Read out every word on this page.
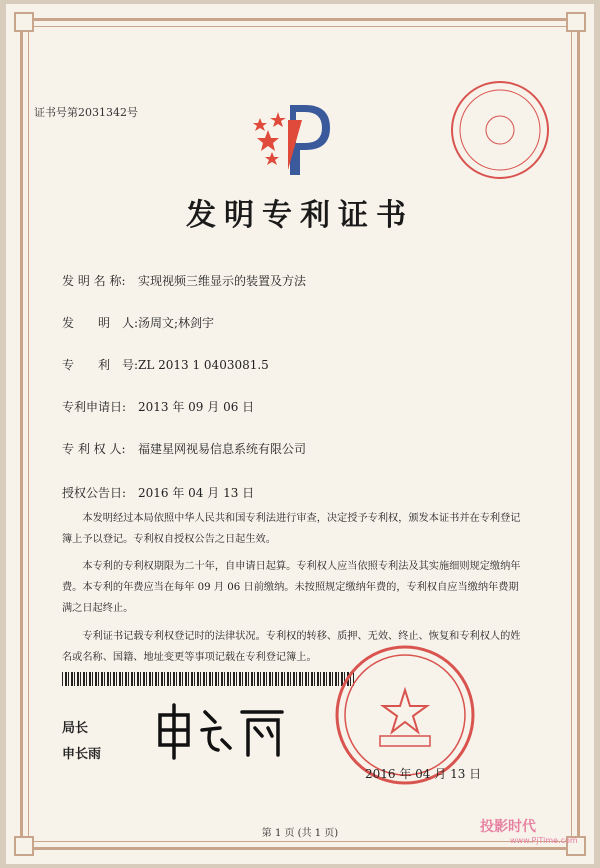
证书号第2031342号
发明专利证书
发 明 名 称: 实现视频三维显示的装置及方法
发　　明　人:汤周文;林剑宇
专　　利　号:ZL 2013 1 0403081.5
专利申请日: 2013 年 09 月 06 日
专 利 权 人: 福建星网视易信息系统有限公司
授权公告日: 2016 年 04 月 13 日
本发明经过本局依照中华人民共和国专利法进行审查，决定授予专利权，颁发本证书并在专利登记簿上予以登记。专利权自授权公告之日起生效。
本专利的专利权期限为二十年，自申请日起算。专利权人应当依照专利法及其实施细则规定缴纳年费。本专利的年费应当在每年 09 月 06 日前缴纳。未按照规定缴纳年费的，专利权自应当缴纳年费期满之日起终止。
专利证书记载专利权登记时的法律状况。专利权的转移、质押、无效、终止、恢复和专利权人的姓名或名称、国籍、地址变更等事项记载在专利登记簿上。
局长
申长雨
2016 年 04 月 13 日
第 1 页 (共 1 页)	投影时代
www.PjTime.com
